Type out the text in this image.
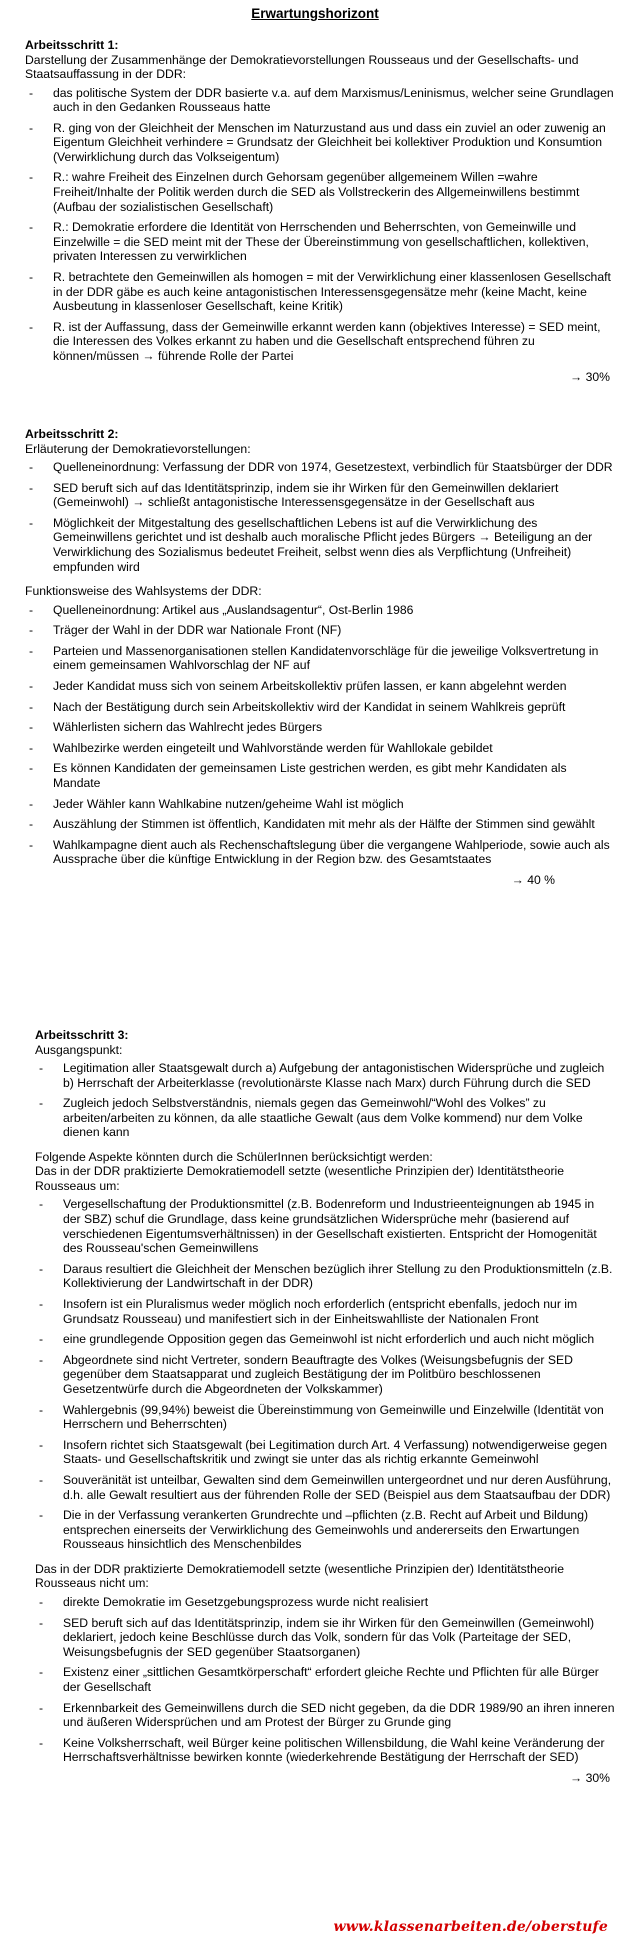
Erwartungshorizont
Arbeitsschritt 1:
Darstellung der Zusammenhänge der Demokratievorstellungen Rousseaus und der Gesellschafts- und Staatsauffassung in der DDR:
- das politische System der DDR basierte v.a. auf dem Marxismus/Leninismus, welcher seine Grundlagen auch in den Gedanken Rousseaus hatte
- R. ging von der Gleichheit der Menschen im Naturzustand aus und dass ein zuviel an oder zuwenig an Eigentum Gleichheit verhindere = Grundsatz der Gleichheit bei kollektiver Produktion und Konsumtion (Verwirklichung durch das Volkseigentum)
- R.: wahre Freiheit des Einzelnen durch Gehorsam gegenüber allgemeinem Willen =wahre Freiheit/Inhalte der Politik werden durch die SED als Vollstreckerin des Allgemeinwillens bestimmt (Aufbau der sozialistischen Gesellschaft)
- R.: Demokratie erfordere die Identität von Herrschenden und Beherrschten, von Gemeinwille und Einzelwille = die SED meint mit der These der Übereinstimmung von gesellschaftlichen, kollektiven, privaten Interessen zu verwirklichen
- R. betrachtete den Gemeinwillen als homogen = mit der Verwirklichung einer klassenlosen Gesellschaft in der DDR gäbe es auch keine antagonistischen Interessensgegensätze mehr (keine Macht, keine Ausbeutung in klassenloser Gesellschaft, keine Kritik)
- R. ist der Auffassung, dass der Gemeinwille erkannt werden kann (objektives Interesse) = SED meint, die Interessen des Volkes erkannt zu haben und die Gesellschaft entsprechend führen zu können/müssen → führende Rolle der Partei
→ 30%
Arbeitsschritt 2:
Erläuterung der Demokratievorstellungen:
- Quelleneinordnung: Verfassung der DDR von 1974, Gesetzestext, verbindlich für Staatsbürger der DDR
- SED beruft sich auf das Identitätsprinzip, indem sie ihr Wirken für den Gemeinwillen deklariert (Gemeinwohl) → schließt antagonistische Interessensgegensätze in der Gesellschaft aus
- Möglichkeit der Mitgestaltung des gesellschaftlichen Lebens ist auf die Verwirklichung des Gemeinwillens gerichtet und ist deshalb auch moralische Pflicht jedes Bürgers → Beteiligung an der Verwirklichung des Sozialismus bedeutet Freiheit, selbst wenn dies als Verpflichtung (Unfreiheit) empfunden wird
Funktionsweise des Wahlsystems der DDR:
- Quelleneinordnung: Artikel aus „Auslandsagentur“, Ost-Berlin 1986
- Träger der Wahl in der DDR war Nationale Front (NF)
- Parteien und Massenorganisationen stellen Kandidatenvorschläge für die jeweilige Volksvertretung in einem gemeinsamen Wahlvorschlag der NF auf
- Jeder Kandidat muss sich von seinem Arbeitskollektiv prüfen lassen, er kann abgelehnt werden
- Nach der Bestätigung durch sein Arbeitskollektiv wird der Kandidat in seinem Wahlkreis geprüft
- Wählerlisten sichern das Wahlrecht jedes Bürgers
- Wahlbezirke werden eingeteilt und Wahlvorstände werden für Wahllokale gebildet
- Es können Kandidaten der gemeinsamen Liste gestrichen werden, es gibt mehr Kandidaten als Mandate
- Jeder Wähler kann Wahlkabine nutzen/geheime Wahl ist möglich
- Auszählung der Stimmen ist öffentlich, Kandidaten mit mehr als der Hälfte der Stimmen sind gewählt
- Wahlkampagne dient auch als Rechenschaftslegung über die vergangene Wahlperiode, sowie auch als Aussprache über die künftige Entwicklung in der Region bzw. des Gesamtstaates
→ 40 %
Arbeitsschritt 3:
Ausgangspunkt:
- Legitimation aller Staatsgewalt durch a) Aufgebung der antagonistischen Widersprüche und zugleich b) Herrschaft der Arbeiterklasse (revolutionärste Klasse nach Marx) durch Führung durch die SED
- Zugleich jedoch Selbstverständnis, niemals gegen das Gemeinwohl/“Wohl des Volkes” zu arbeiten/arbeiten zu können, da alle staatliche Gewalt (aus dem Volke kommend) nur dem Volke dienen kann
Folgende Aspekte könnten durch die SchülerInnen berücksichtigt werden:
Das in der DDR praktizierte Demokratiemodell setzte (wesentliche Prinzipien der) Identitätstheorie Rousseaus um:
- Vergesellschaftung der Produktionsmittel (z.B. Bodenreform und Industrieenteignungen ab 1945 in der SBZ) schuf die Grundlage, dass keine grundsätzlichen Widersprüche mehr (basierend auf verschiedenen Eigentumsverhältnissen) in der Gesellschaft existierten. Entspricht der Homogenität des Rousseau'schen Gemeinwillens
- Daraus resultiert die Gleichheit der Menschen bezüglich ihrer Stellung zu den Produktionsmitteln (z.B. Kollektivierung der Landwirtschaft in der DDR)
- Insofern ist ein Pluralismus weder möglich noch erforderlich (entspricht ebenfalls, jedoch nur im Grundsatz Rousseau) und manifestiert sich in der Einheitswahlliste der Nationalen Front
- eine grundlegende Opposition gegen das Gemeinwohl ist nicht erforderlich und auch nicht möglich
- Abgeordnete sind nicht Vertreter, sondern Beauftragte des Volkes (Weisungsbefugnis der SED gegenüber dem Staatsapparat und zugleich Bestätigung der im Politbüro beschlossenen Gesetzentwürfe durch die Abgeordneten der Volkskammer)
- Wahlergebnis (99,94%) beweist die Übereinstimmung von Gemeinwille und Einzelwille (Identität von Herrschern und Beherrschten)
- Insofern richtet sich Staatsgewalt (bei Legitimation durch Art. 4 Verfassung) notwendigerweise gegen Staats- und Gesellschaftskritik und zwingt sie unter das als richtig erkannte Gemeinwohl
- Souveränität ist unteilbar, Gewalten sind dem Gemeinwillen untergeordnet und nur deren Ausführung, d.h. alle Gewalt resultiert aus der führenden Rolle der SED (Beispiel aus dem Staatsaufbau der DDR)
- Die in der Verfassung verankerten Grundrechte und –pflichten (z.B. Recht auf Arbeit und Bildung) entsprechen einerseits der Verwirklichung des Gemeinwohls und andererseits den Erwartungen Rousseaus hinsichtlich des Menschenbildes
Das in der DDR praktizierte Demokratiemodell setzte (wesentliche Prinzipien der) Identitätstheorie Rousseaus nicht um:
- direkte Demokratie im Gesetzgebungsprozess wurde nicht realisiert
- SED beruft sich auf das Identitätsprinzip, indem sie ihr Wirken für den Gemeinwillen (Gemeinwohl) deklariert, jedoch keine Beschlüsse durch das Volk, sondern für das Volk (Parteitage der SED, Weisungsbefugnis der SED gegenüber Staatsorganen)
- Existenz einer „sittlichen Gesamtkörperschaft“ erfordert gleiche Rechte und Pflichten für alle Bürger der Gesellschaft
- Erkennbarkeit des Gemeinwillens durch die SED nicht gegeben, da die DDR 1989/90 an ihren inneren und äußeren Widersprüchen und am Protest der Bürger zu Grunde ging
- Keine Volksherrschaft, weil Bürger keine politischen Willensbildung, die Wahl keine Veränderung der Herrschaftsverhältnisse bewirken konnte (wiederkehrende Bestätigung der Herrschaft der SED)
→ 30%
www.klassenarbeiten.de/oberstufe
